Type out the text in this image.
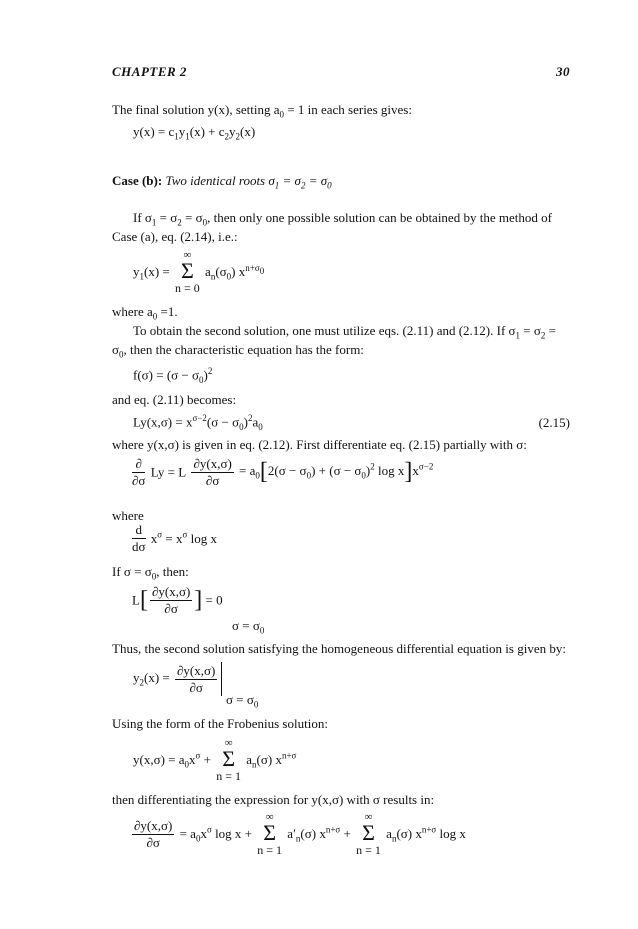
CHAPTER 2	30
The final solution y(x), setting $a_0 = 1$ in each series gives:
$y(x) = c_1y_1(x) + c_2y_2(x)$
Case (b): Two identical roots $\sigma_1 = \sigma_2 = \sigma_0$
If $\sigma_1 = \sigma_2 = \sigma_0$, then only one possible solution can be obtained by the method of
Case (a), eq. (2.14), i.e.:
$y_1(x)$ =
∞
Σ
n = 0
$a_n(\sigma_0)$ $x^{n+\sigma_0}$
where $a_0 =1$.
To obtain the second solution, one must utilize eqs. (2.11) and (2.12). If $\sigma_1 = \sigma_2$ =
$\sigma_0$, then the characteristic equation has the form:
$f(\sigma) = (\sigma - \sigma_0)^2$
and eq. (2.11) becomes:
$Ly(x,\sigma) = x^{\sigma-2}(\sigma - \sigma_0)^2a_0$	(2.15)
where y(x,σ) is given in eq. (2.12). First differentiate eq. (2.15) partially with σ:
$\frac{\partial}{\partial\sigma}$ Ly = L $\frac{\partial y(x,\sigma)}{\partial\sigma} = a_0[2(\sigma - \sigma_0) + (\sigma - \sigma_0)^2$ $\log x]x^{\sigma-2}$
where
$\frac{d}{d\sigma} x^\sigma = x^\sigma$ log x
If $\sigma = \sigma_0$, then:
$L[ \frac{\partial y(x,\sigma)}{\partial\sigma}$ ] = 0
$\sigma = \sigma_0$
Thus, the second solution satisfying the homogeneous differential equation is given by:
$y_2(x) = \frac{\partial y(x,\sigma)}{\partial\sigma}$
$\sigma = \sigma_0$
Using the form of the Frobenius solution:
$y(x,\sigma) = a_0x^\sigma$ +
∞
Σ
n = 1
$a_n(\sigma)$ $x^{n+\sigma}$
then differentiating the expression for y(x,σ) with σ results in:
$\frac{\partial y(x,\sigma)}{\partial\sigma} = a_0x^\sigma$ log x +
∞
Σ
n = 1
$a'_n(\sigma) x^{n+\sigma}$ +
∞
Σ
n = 1
$a_n(\sigma)$ $x^{n+\sigma}$ log x
